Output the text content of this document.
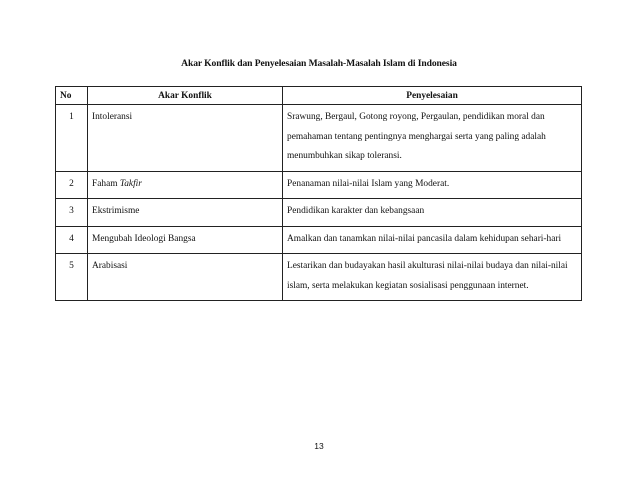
Akar Konflik dan Penyelesaian Masalah-Masalah Islam di Indonesia
No	Akar Konflik	Penyelesaian
1	Intoleransi	Srawung, Bergaul, Gotong royong, Pergaulan, pendidikan moral dan pemahaman tentang pentingnya menghargai serta yang paling adalah menumbuhkan sikap toleransi.
2	Faham Takfir	Penanaman nilai-nilai Islam yang Moderat.
3	Ekstrimisme	Pendidikan karakter dan kebangsaan
4	Mengubah Ideologi Bangsa	Amalkan dan tanamkan nilai-nilai pancasila dalam kehidupan sehari-hari
5	Arabisasi	Lestarikan dan budayakan hasil akulturasi nilai-nilai budaya dan nilai-nilai islam, serta melakukan kegiatan sosialisasi penggunaan internet.
13
